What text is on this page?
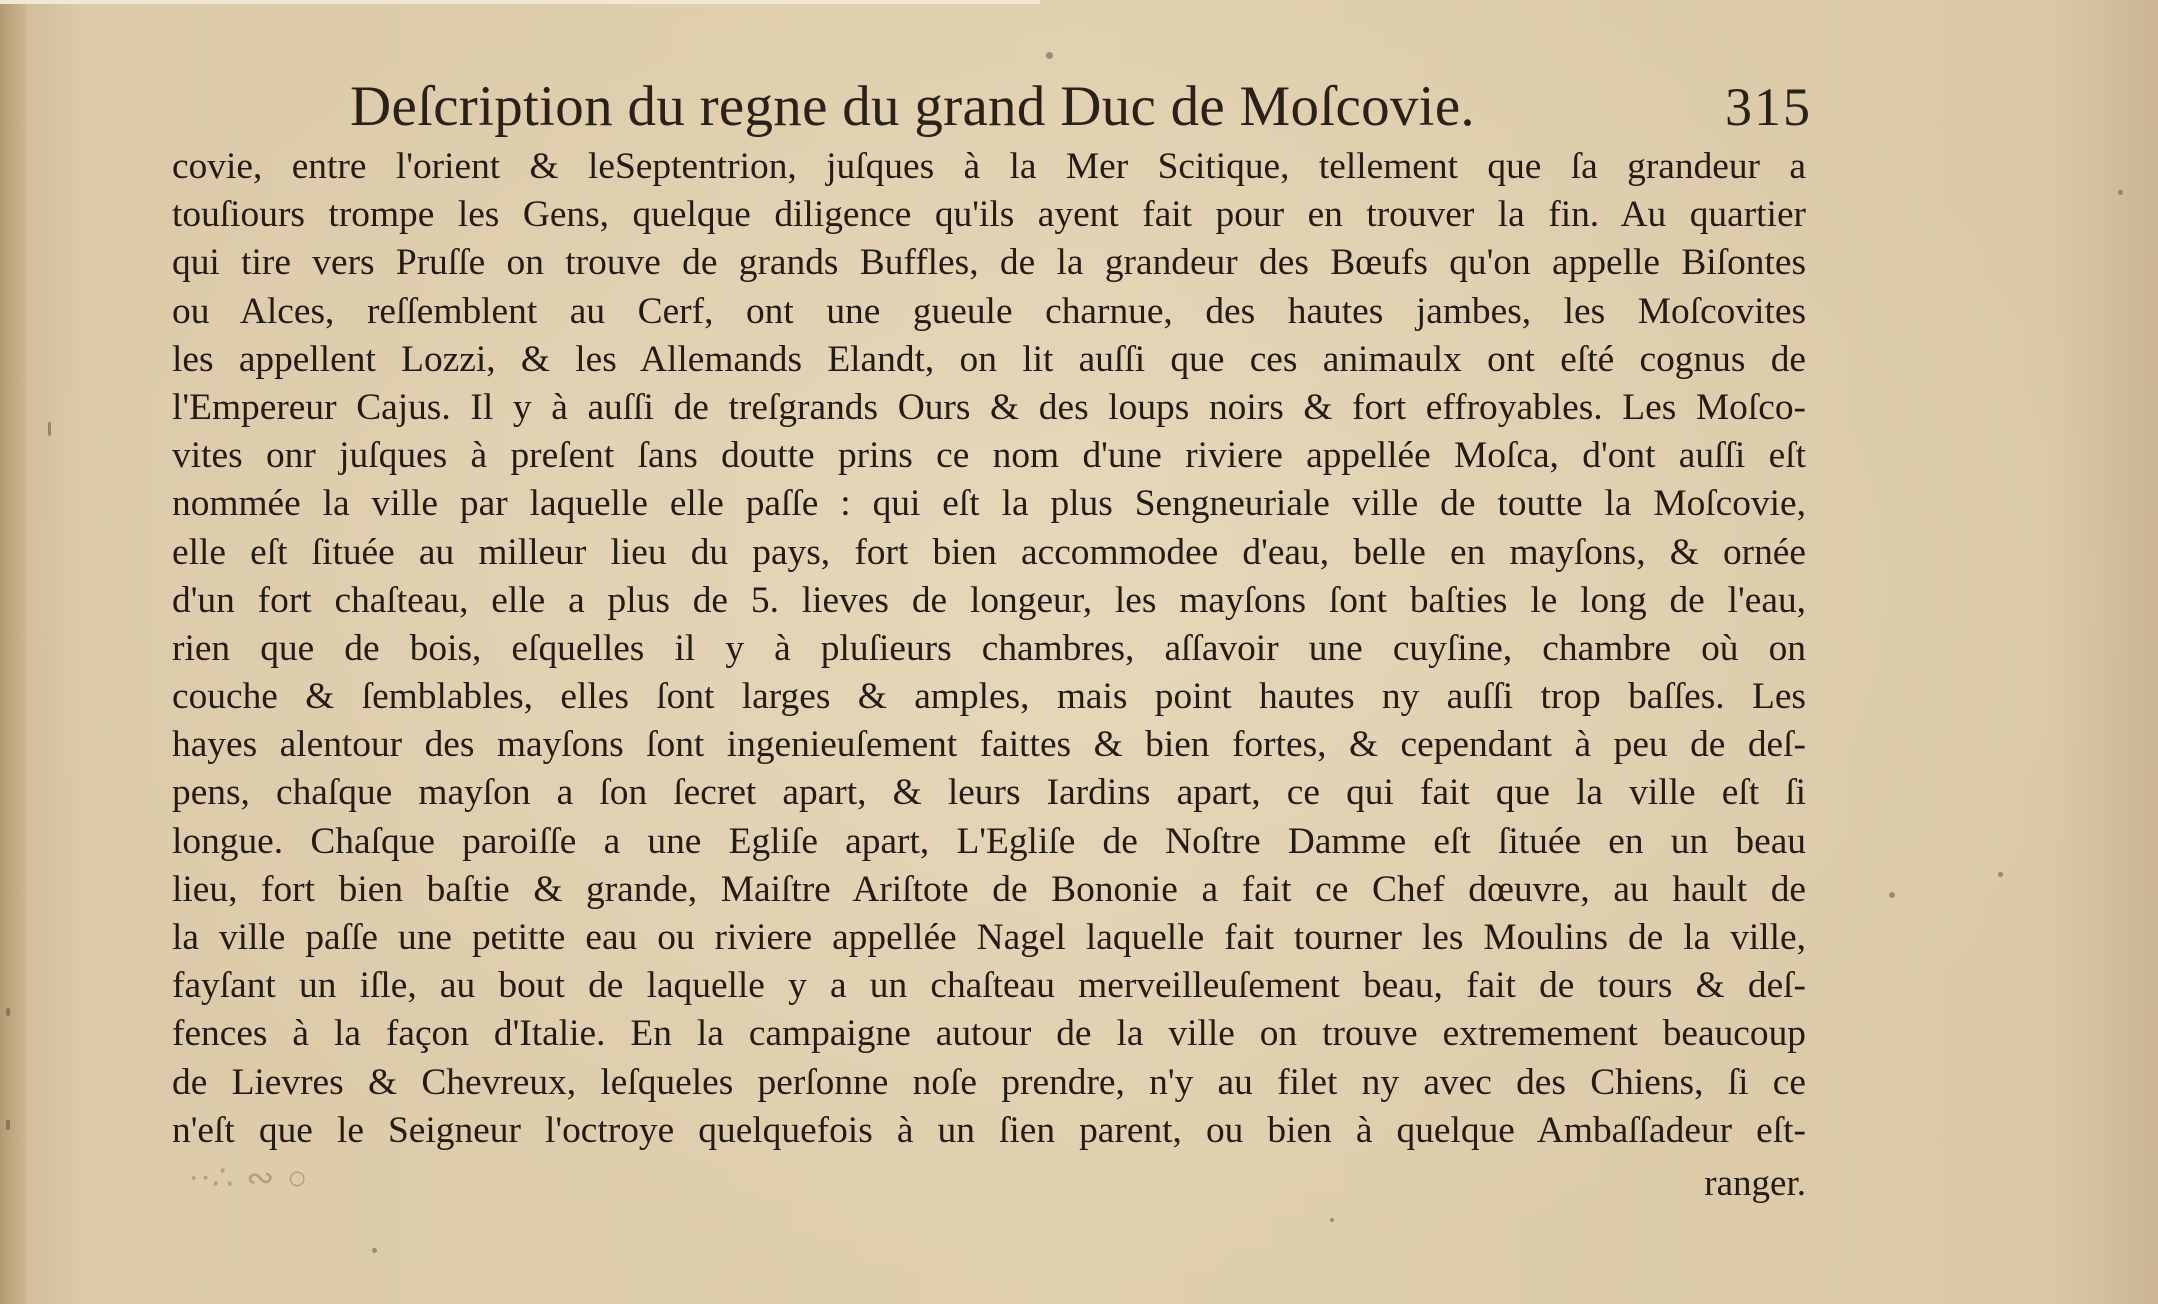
Deſcription du regne du grand Duc de Moſcovie.	315
covie, entre l'orient & leSeptentrion, juſques à la Mer Scitique, tellement que ſa grandeur a
touſiours trompe les Gens, quelque diligence qu'ils ayent fait pour en trouver la fin. Au quartier
qui tire vers Pruſſe on trouve de grands Buffles, de la grandeur des Bœufs qu'on appelle Biſontes
ou Alces, reſſemblent au Cerf, ont une gueule charnue, des hautes jambes, les Moſcovites
les appellent Lozzi, & les Allemands Elandt, on lit auſſi que ces animaulx ont eſté cognus de
l'Empereur Cajus. Il y à auſſi de treſgrands Ours & des loups noirs & fort effroyables. Les Moſco-
vites onr juſques à preſent ſans doutte prins ce nom d'une riviere appellée Moſca, d'ont auſſi eſt
nommée la ville par laquelle elle paſſe : qui eſt la plus Sengneuriale ville de toutte la Moſcovie,
elle eſt ſituée au milleur lieu du pays, fort bien accommodee d'eau, belle en mayſons, & ornée
d'un fort chaſteau, elle a plus de 5. lieves de longeur, les mayſons ſont baſties le long de l'eau,
rien que de bois, eſquelles il y à pluſieurs chambres, aſſavoir une cuyſine, chambre où on
couche & ſemblables, elles ſont larges & amples, mais point hautes ny auſſi trop baſſes. Les
hayes alentour des mayſons ſont ingenieuſement faittes & bien fortes, & cependant à peu de deſ-
pens, chaſque mayſon a ſon ſecret apart, & leurs Iardins apart, ce qui fait que la ville eſt ſi
longue. Chaſque paroiſſe a une Egliſe apart, L'Egliſe de Noſtre Damme eſt ſituée en un beau
lieu, fort bien baſtie & grande, Maiſtre Ariſtote de Bononie a fait ce Chef dœuvre, au hault de
la ville paſſe une petitte eau ou riviere appellée Nagel laquelle fait tourner les Moulins de la ville,
fayſant un iſle, au bout de laquelle y a un chaſteau merveilleuſement beau, fait de tours & deſ-
fences à la façon d'Italie. En la campaigne autour de la ville on trouve extremement beaucoup
de Lievres & Chevreux, leſqueles perſonne noſe prendre, n'y au filet ny avec des Chiens, ſi ce
n'eſt que le Seigneur l'octroye quelquefois à un ſien parent, ou bien à quelque Ambaſſadeur eſt-
·∙∴ ∾ ○	ranger.
